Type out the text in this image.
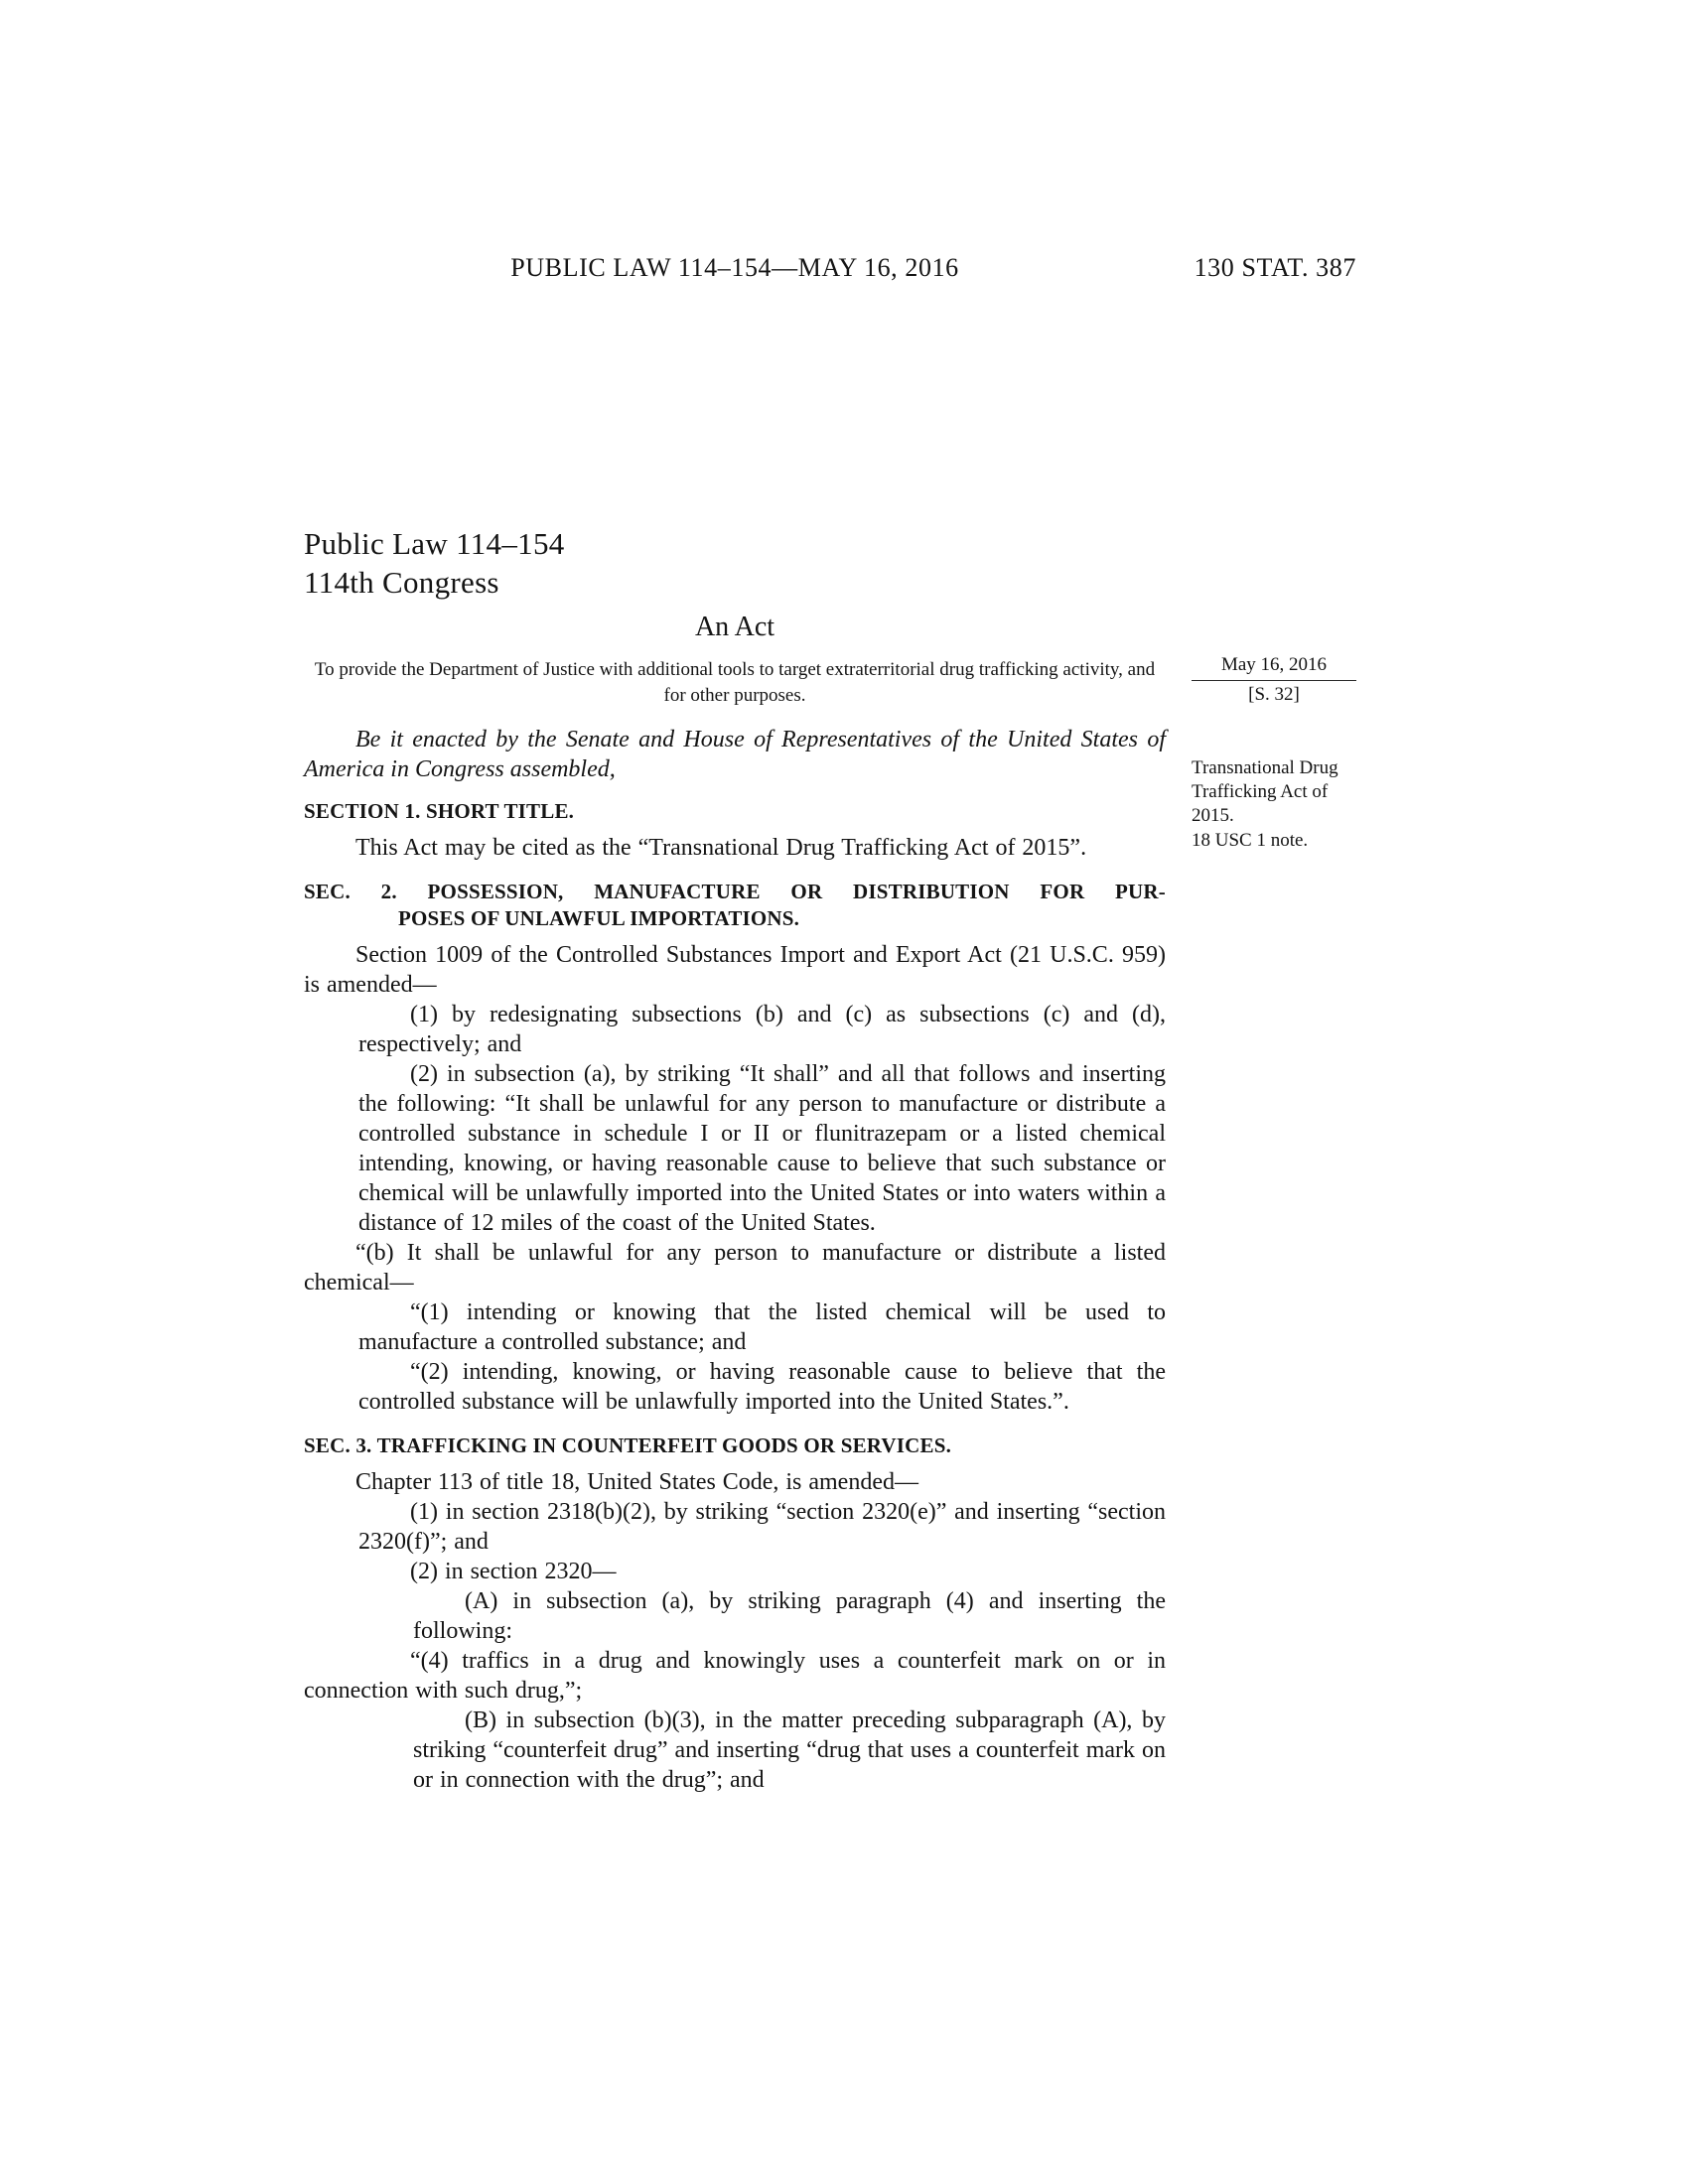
PUBLIC LAW 114–154—MAY 16, 2016	130 STAT. 387
Public Law 114–154
114th Congress
An Act
To provide the Department of Justice with additional tools to target extraterritorial drug trafficking activity, and for other purposes.
Be it enacted by the Senate and House of Representatives of the United States of America in Congress assembled,
SECTION 1. SHORT TITLE.

This Act may be cited as the “Transnational Drug Trafficking Act of 2015”.

SEC. 2. POSSESSION, MANUFACTURE OR DISTRIBUTION FOR PUR-
POSES OF UNLAWFUL IMPORTATIONS.

Section 1009 of the Controlled Substances Import and Export Act (21 U.S.C. 959) is amended—

(1) by redesignating subsections (b) and (c) as subsections (c) and (d), respectively; and

(2) in subsection (a), by striking “It shall” and all that follows and inserting the following: “It shall be unlawful for any person to manufacture or distribute a controlled substance in schedule I or II or flunitrazepam or a listed chemical intending, knowing, or having reasonable cause to believe that such substance or chemical will be unlawfully imported into the United States or into waters within a distance of 12 miles of the coast of the United States.

“(b) It shall be unlawful for any person to manufacture or distribute a listed chemical—

“(1) intending or knowing that the listed chemical will be used to manufacture a controlled substance; and

“(2) intending, knowing, or having reasonable cause to believe that the controlled substance will be unlawfully imported into the United States.”.

SEC. 3. TRAFFICKING IN COUNTERFEIT GOODS OR SERVICES.

Chapter 113 of title 18, United States Code, is amended—

(1) in section 2318(b)(2), by striking “section 2320(e)” and inserting “section 2320(f)”; and

(2) in section 2320—

(A) in subsection (a), by striking paragraph (4) and inserting the following:

“(4) traffics in a drug and knowingly uses a counterfeit mark on or in connection with such drug,”;

(B) in subsection (b)(3), in the matter preceding subparagraph (A), by striking “counterfeit drug” and inserting “drug that uses a counterfeit mark on or in connection with the drug”; and

May 16, 2016
[S. 32]
Transnational Drug Trafficking Act of 2015.
18 USC 1 note.
